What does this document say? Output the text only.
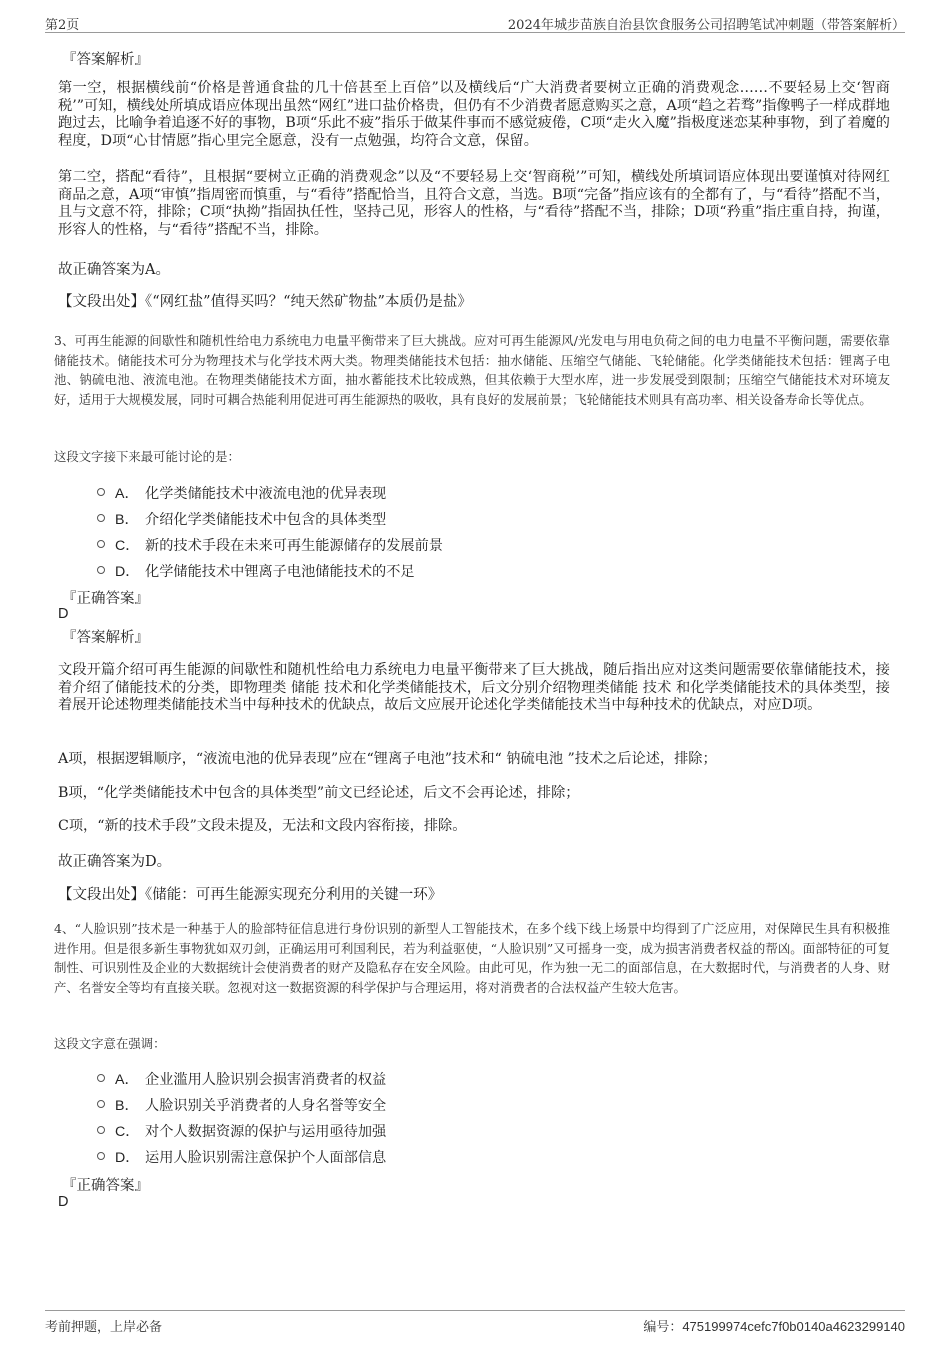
第2页	2024年城步苗族自治县饮食服务公司招聘笔试冲刺题（带答案解析）
『答案解析』
第一空，根据横线前“价格是普通食盐的几十倍甚至上百倍”以及横线后“广大消费者要树立正确的消费观念……不要轻易上交‘智商税’”可知，横线处所填成语应体现出虽然“网红”进口盐价格贵，但仍有不少消费者愿意购买之意，A项“趋之若骛”指像鸭子一样成群地跑过去，比喻争着追逐不好的事物，B项“乐此不疲”指乐于做某件事而不感觉疲倦，C项“走火入魔”指极度迷恋某种事物，到了着魔的程度，D项“心甘情愿”指心里完全愿意，没有一点勉强，均符合文意，保留。
第二空，搭配“看待”，且根据“要树立正确的消费观念”以及“不要轻易上交‘智商税’”可知，横线处所填词语应体现出要谨慎对待网红商品之意，A项“审慎”指周密而慎重，与“看待”搭配恰当，且符合文意，当选。B项“完备”指应该有的全都有了，与“看待”搭配不当，且与文意不符，排除；C项“执拗”指固执任性，坚持己见，形容人的性格，与“看待”搭配不当，排除；D项“矜重”指庄重自持，拘谨，形容人的性格，与“看待”搭配不当，排除。
故正确答案为A。
【文段出处】《“网红盐”值得买吗？“纯天然矿物盐”本质仍是盐》
3、可再生能源的间歇性和随机性给电力系统电力电量平衡带来了巨大挑战。应对可再生能源风/光发电与用电负荷之间的电力电量不平衡问题，需要依靠储能技术。储能技术可分为物理技术与化学技术两大类。物理类储能技术包括：抽水储能、压缩空气储能、飞轮储能。化学类储能技术包括：锂离子电池、钠硫电池、液流电池。在物理类储能技术方面，抽水蓄能技术比较成熟，但其依赖于大型水库，进一步发展受到限制；压缩空气储能技术对环境友好，适用于大规模发展，同时可耦合热能利用促进可再生能源热的吸收，具有良好的发展前景；飞轮储能技术则具有高功率、相关设备寿命长等优点。
这段文字接下来最可能讨论的是：
A． 化学类储能技术中液流电池的优异表现
B． 介绍化学类储能技术中包含的具体类型
C． 新的技术手段在未来可再生能源储存的发展前景
D． 化学储能技术中锂离子电池储能技术的不足
『正确答案』
D
『答案解析』
文段开篇介绍可再生能源的间歇性和随机性给电力系统电力电量平衡带来了巨大挑战，随后指出应对这类问题需要依靠储能技术，接着介绍了储能技术的分类，即物理类 储能 技术和化学类储能技术，后文分别介绍物理类储能 技术 和化学类储能技术的具体类型，接着展开论述物理类储能技术当中每种技术的优缺点，故后文应展开论述化学类储能技术当中每种技术的优缺点，对应D项。
A项，根据逻辑顺序，“液流电池的优异表现”应在“锂离子电池”技术和“ 钠硫电池 ”技术之后论述，排除；
B项，“化学类储能技术中包含的具体类型”前文已经论述，后文不会再论述，排除；
C项，“新的技术手段”文段未提及，无法和文段内容衔接，排除。
故正确答案为D。
【文段出处】《储能：可再生能源实现充分利用的关键一环》
4、“人脸识别”技术是一种基于人的脸部特征信息进行身份识别的新型人工智能技术，在多个线下线上场景中均得到了广泛应用，对保障民生具有积极推进作用。但是很多新生事物犹如双刃剑，正确运用可利国利民，若为利益驱使，“人脸识别”又可摇身一变，成为损害消费者权益的帮凶。面部特征的可复制性、可识别性及企业的大数据统计会使消费者的财产及隐私存在安全风险。由此可见，作为独一无二的面部信息，在大数据时代，与消费者的人身、财产、名誉安全等均有直接关联。忽视对这一数据资源的科学保护与合理运用，将对消费者的合法权益产生较大危害。
这段文字意在强调：
A． 企业滥用人脸识别会损害消费者的权益
B． 人脸识别关乎消费者的人身名誉等安全
C． 对个人数据资源的保护与运用亟待加强
D． 运用人脸识别需注意保护个人面部信息
『正确答案』
D
考前押题，上岸必备	编号：475199974cefc7f0b0140a4623299140
